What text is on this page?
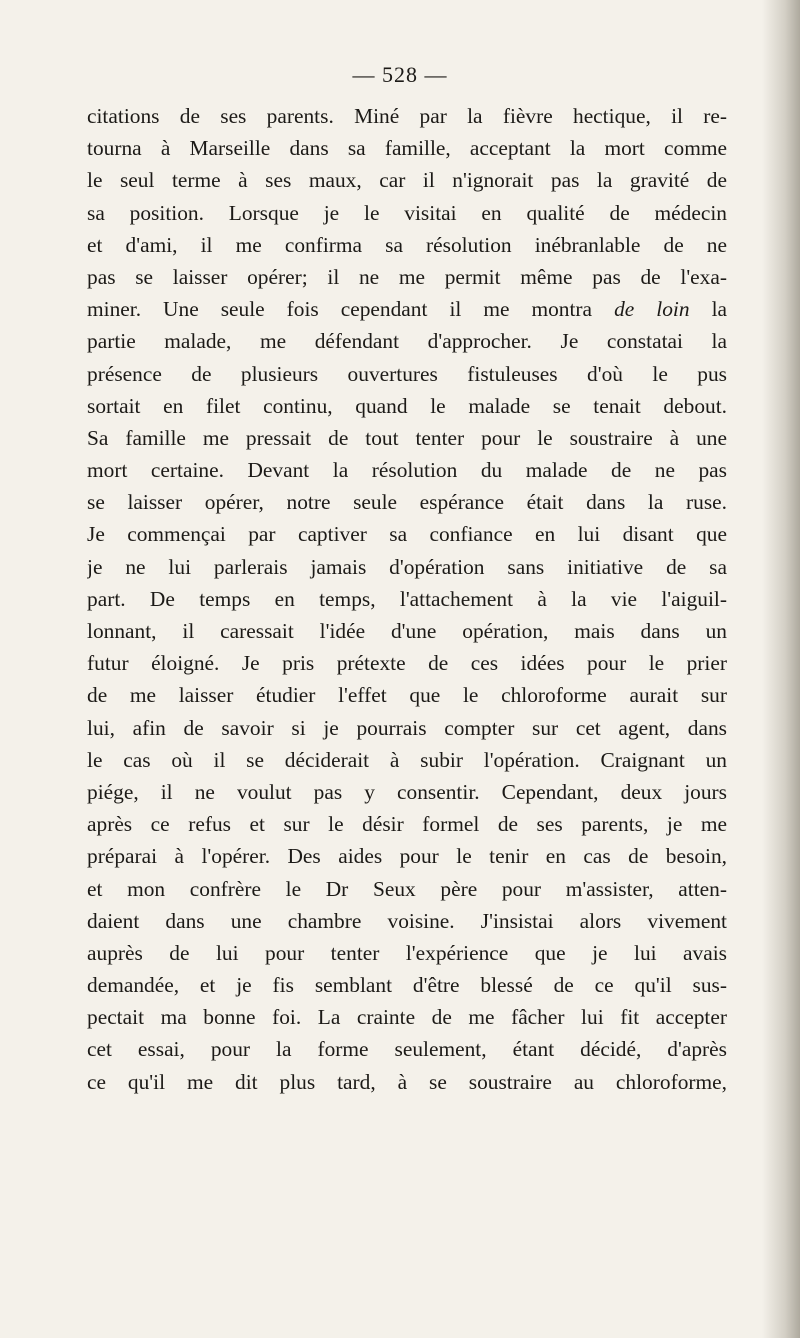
— 528 —
citations de ses parents. Miné par la fièvre hectique, il re-
tourna à Marseille dans sa famille, acceptant la mort comme
le seul terme à ses maux, car il n'ignorait pas la gravité de
sa position. Lorsque je le visitai en qualité de médecin
et d'ami, il me confirma sa résolution inébranlable de ne
pas se laisser opérer; il ne me permit même pas de l'exa-
miner. Une seule fois cependant il me montra de loin la
partie malade, me défendant d'approcher. Je constatai la
présence de plusieurs ouvertures fistuleuses d'où le pus
sortait en filet continu, quand le malade se tenait debout.
Sa famille me pressait de tout tenter pour le soustraire à une
mort certaine. Devant la résolution du malade de ne pas
se laisser opérer, notre seule espérance était dans la ruse.
Je commençai par captiver sa confiance en lui disant que
je ne lui parlerais jamais d'opération sans initiative de sa
part. De temps en temps, l'attachement à la vie l'aiguil-
lonnant, il caressait l'idée d'une opération, mais dans un
futur éloigné. Je pris prétexte de ces idées pour le prier
de me laisser étudier l'effet que le chloroforme aurait sur
lui, afin de savoir si je pourrais compter sur cet agent, dans
le cas où il se déciderait à subir l'opération. Craignant un
piége, il ne voulut pas y consentir. Cependant, deux jours
après ce refus et sur le désir formel de ses parents, je me
préparai à l'opérer. Des aides pour le tenir en cas de besoin,
et mon confrère le Dr Seux père pour m'assister, atten-
daient dans une chambre voisine. J'insistai alors vivement
auprès de lui pour tenter l'expérience que je lui avais
demandée, et je fis semblant d'être blessé de ce qu'il sus-
pectait ma bonne foi. La crainte de me fâcher lui fit accepter
cet essai, pour la forme seulement, étant décidé, d'après
ce qu'il me dit plus tard, à se soustraire au chloroforme,
